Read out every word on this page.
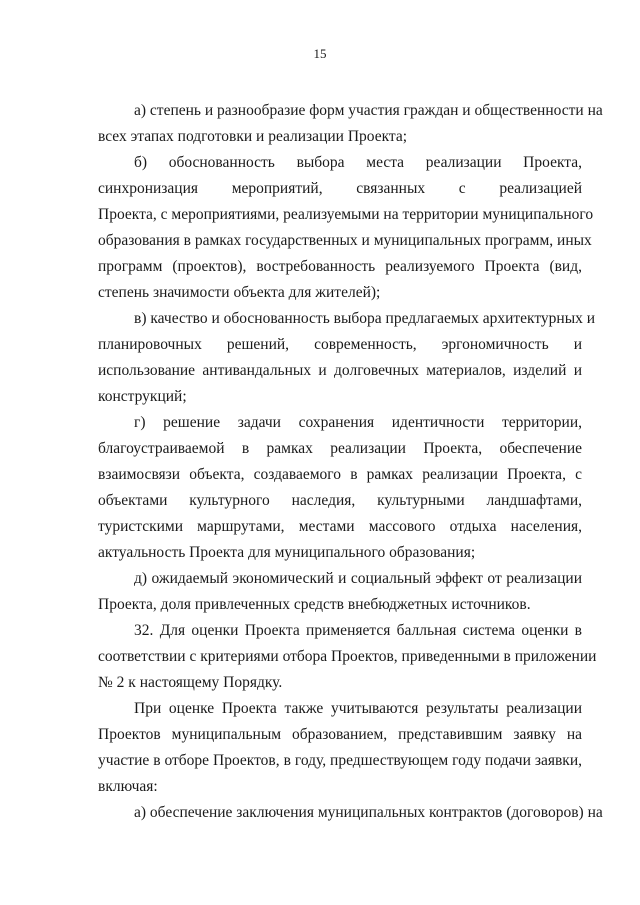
15
а) степень и разнообразие форм участия граждан и общественности на
всех этапах подготовки и реализации Проекта;
б) обоснованность выбора места реализации Проекта,
синхронизация мероприятий, связанных с реализацией
Проекта, с мероприятиями, реализуемыми на территории муниципального
образования в рамках государственных и муниципальных программ, иных
программ (проектов), востребованность реализуемого Проекта (вид,
степень значимости объекта для жителей);
в) качество и обоснованность выбора предлагаемых архитектурных и
планировочных решений, современность, эргономичность и
использование антивандальных и долговечных материалов, изделий и
конструкций;
г) решение задачи сохранения идентичности территории,
благоустраиваемой в рамках реализации Проекта, обеспечение
взаимосвязи объекта, создаваемого в рамках реализации Проекта, с
объектами культурного наследия, культурными ландшафтами,
туристскими маршрутами, местами массового отдыха населения,
актуальность Проекта для муниципального образования;
д) ожидаемый экономический и социальный эффект от реализации
Проекта, доля привлеченных средств внебюджетных источников.
32. Для оценки Проекта применяется балльная система оценки в
соответствии с критериями отбора Проектов, приведенными в приложении
№ 2 к настоящему Порядку.
При оценке Проекта также учитываются результаты реализации
Проектов муниципальным образованием, представившим заявку на
участие в отборе Проектов, в году, предшествующем году подачи заявки,
включая:
а) обеспечение заключения муниципальных контрактов (договоров) на
